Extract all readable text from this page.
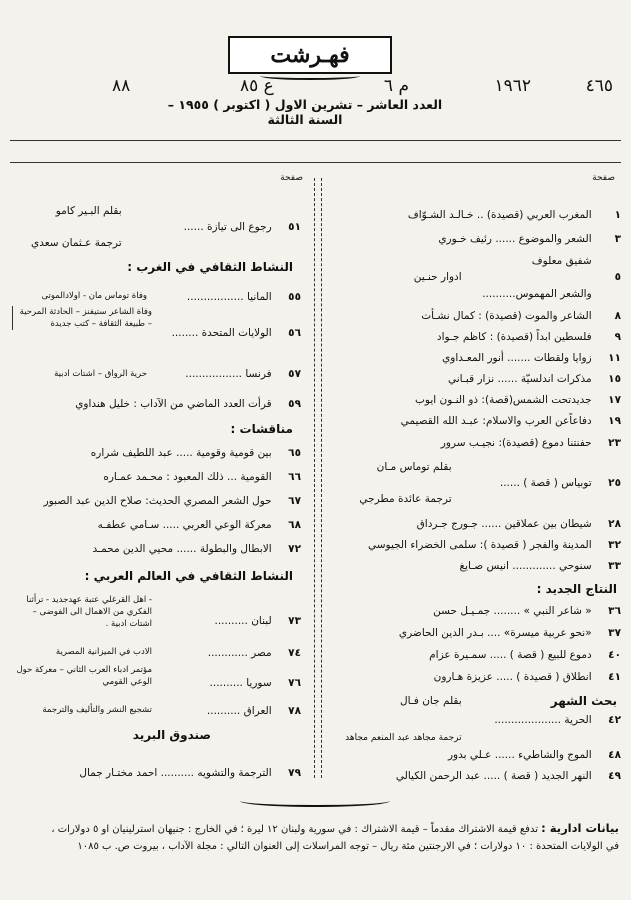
فهـرشت
٤٦٥
١٩٦٢
م ٦
ع ٨٥
٨٨
العدد العاشر – تشرين الاول ( اكتوبر ) ١٩٥٥ – السنة الثالثة
صفحة
صفحة
١ المغرب العربي (قصيدة) .. خـالـد الشـوّاف
٣ الشعر والموضوع ...... رئيف خـوري
شفيق معلوف
٥ ادوار حنـين
والشعر المهموس..........
٨ الشاعر والموت (قصيدة) : كمال نشـأت
٩ فلسطين ابداً (قصيدة) : كاظم جـواد
١١ زوايا ولقطات ....... أنور المعـداوي
١٥ مذكرات اندلسيّة ...... نزار قبـاني
١٧ جديدتحت الشمس(قصة): ذو النـون ايوب
١٩ دفاعاًعن العرب والاسلام: عبـد الله القصيمي
٢٣ حفنتنا دموع (قصيدة): نجيـب سرور
بقلم توماس مـان
٢٥ توبياس ( قصة ) ......
ترجمة عائدة مطرجي
٢٨ شيطان بين عملاقين ...... جـورج جـرداق
٣٢ المدينة والفجر ( قصيدة ): سلمى الخضراء الجيوسي
٣٣ سنوحي ............. انيس صـايغ
النتاج الجديد :
٣٦ « شاعر النبي » ........ جمـيـل حسن
٣٧ «نحو عربية ميسرة» .... بـدر الدين الحاضري
٤٠ دموع للبيع ( قصة ) ..... سمـيرة عزام
٤١ انطلاق ( قصيدة ) ..... عزيزة هـارون
بحث الشهر
بقلم جان فـال
٤٢ الحرية ....................
ترجمة مجاهد عبد المنعم مجاهد
٤٨ الموج والشاطيء ...... عـلي بدور
٤٩ النهر الجديد ( قصة ) ..... عبد الرحمن الكيالي
بقلم البـير كامو
٥١ رجوع الى تيازة ......
ترجمة عـثمان سعدي
النشاط الثقافي في الغرب :
٥٥ المانيا .................
وفاة توماس مان - اولادالموتى
٥٦ الولايات المتحدة ........
وفاة الشاعر ستيفنز – الحادثة المرحية – طبيعة الثقافة – كتب جديدة
٥٧ فرنسا .................
حرية الرواق – اشتات ادبية
٥٩ قرأت العدد الماضي من الآداب : خليل هنداوي
مناقشات :
٦٥ بين قومية وقومية ..... عبد اللطيف شراره
٦٦ القومية ... ذلك المعبود : محـمد عمـاره
٦٧ حول الشعر المصري الحديث: صلاح الدين عبد الصبور
٦٨ معركة الوعي العربي ..... سـامي عطفـه
٧٢ الابطال والبطولة ...... محيي الدين محمـد
النشاط الثقافي في العالم العربي :
٧٣ لبنان ..........
- اهل القرغلي عتبة عهدجديد - ترأثنا الفكري من الاهمال الى الفوضى – اشتات ادبية .
٧٤ مصر ............
الادب في الميزانية المصرية
٧٦ سوريا ..........
مؤتمر ادباء العرب الثاني – معركة حول الوعي القومي
٧٨ العراق ..........
تشجيع النشر والتأليف والترجمة
صندوق البريد
٧٩ الترجمة والتشويه .......... احمد مختـار جمال
بيانات ادارية : تدفع قيمة الاشتراك مقدماً – قيمة الاشتراك : في سورية ولبنان ١٢ ليرة ؛ في الخارج : جنيهان استرلينيان او ٥ دولارات ،
في الولايات المتحدة : ١٠ دولارات ؛ في الارجنتين مئة ريال – توجه المراسلات إلى العنوان التالي : مجلة الآداب ، بيروت ص. ب ١٠٨٥
